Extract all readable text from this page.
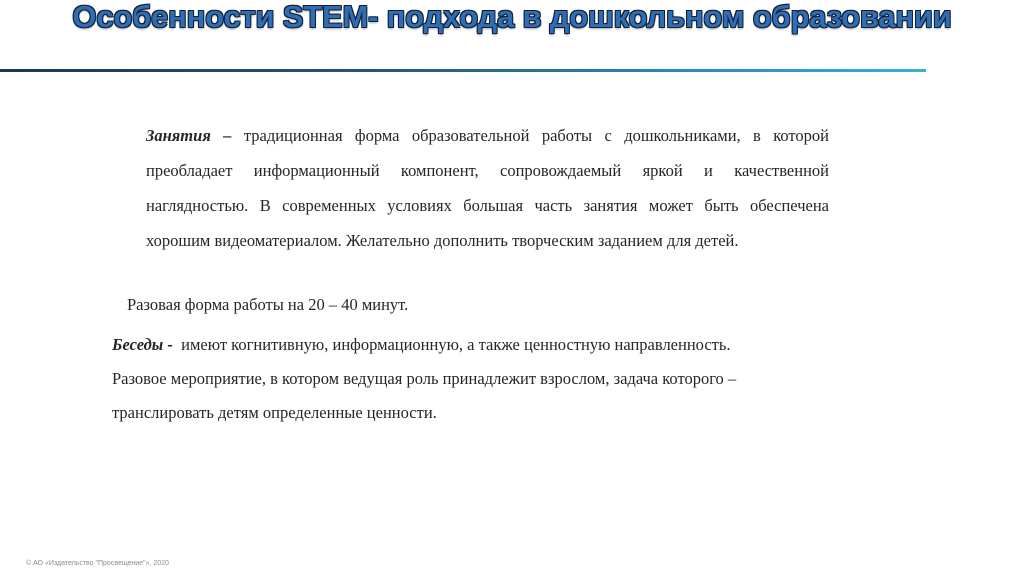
Особенности STEM- подхода в дошкольном образовании
Занятия – традиционная форма образовательной работы с дошкольниками, в которой преобладает информационный компонент, сопровождаемый яркой и качественной наглядностью. В современных условиях большая часть занятия может быть обеспечена хорошим видеоматериалом. Желательно дополнить творческим заданием для детей.
Разовая форма работы на 20 – 40 минут.
Беседы -  имеют когнитивную, информационную, а также ценностную направленность. Разовое мероприятие, в котором ведущая роль принадлежит взрослом, задача которого – транслировать детям определенные ценности.
© АО «Издательство "Просвещение"», 2020
